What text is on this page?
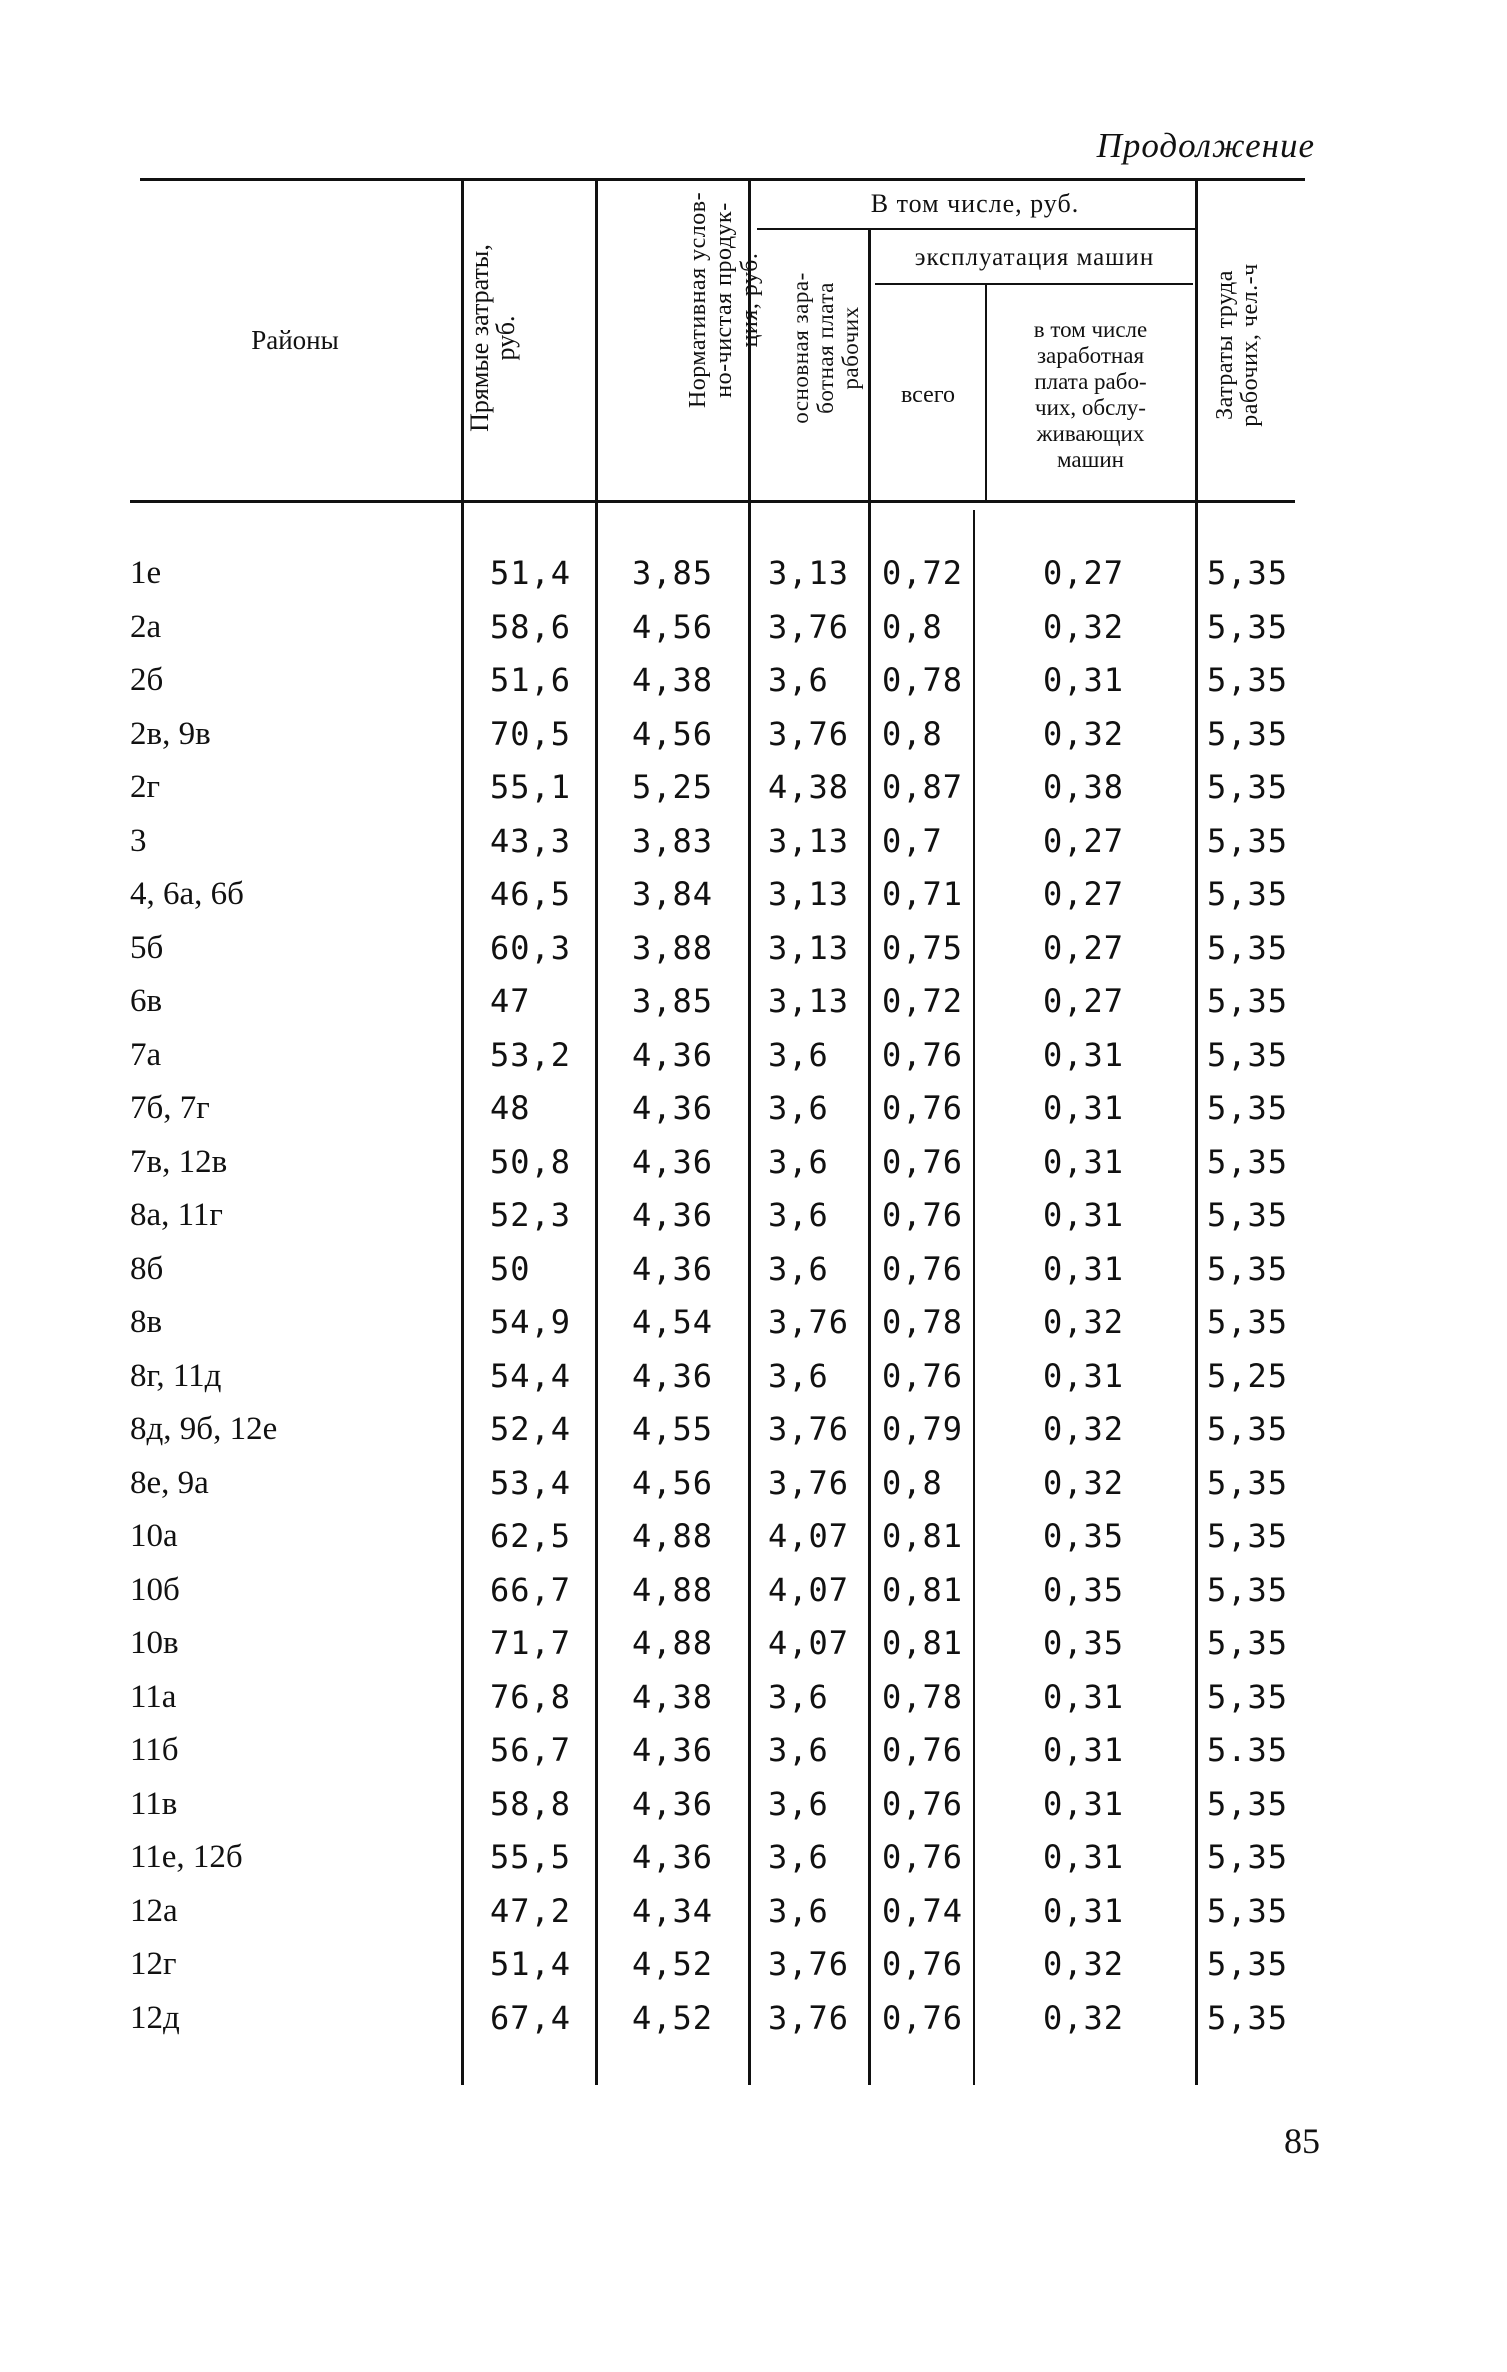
Продолжение
Районы
Прямые затраты,
руб.	Нормативная услов-
но-чистая продук-
ция, руб.
В том числе, руб.
основная зара-
ботная плата
рабочих
эксплуатация машин
всего
в том числе
заработная
плата рабо-
чих, обслу-
живающих
машин
Затраты труда
рабочих, чел.-ч
1е	51,4 3,85 3,13 0,72 0,27	5,35
2а	58,6 4,56 3,76 0,8	0,32	5,35
2б	51,6 4,38 3,6 0,78 0,31	5,35
2в, 9в	70,5 4,56 3,76 0,8	0,32	5,35
2г	55,1 5,25 4,38 0,87 0,38	5,35
3	43,3 3,83 3,13 0,7	0,27	5,35
4, 6а, 6б	46,5 3,84 3,13 0,71 0,27	5,35
5б	60,3 3,88 3,13 0,75 0,27	5,35
6в	47	3,85 3,13 0,72 0,27	5,35
7а	53,2 4,36 3,6 0,76 0,31	5,35
7б, 7г	48	4,36 3,6 0,76 0,31	5,35
7в, 12в	50,8 4,36 3,6 0,76 0,31	5,35
8а, 11г	52,3 4,36 3,6 0,76 0,31	5,35
8б	50	4,36 3,6 0,76 0,31	5,35
8в	54,9 4,54 3,76 0,78 0,32	5,35
8г, 11д	54,4 4,36 3,6 0,76 0,31	5,25
8д, 9б, 12е	52,4 4,55 3,76 0,79 0,32	5,35
8е, 9а	53,4 4,56 3,76 0,8	0,32	5,35
10а	62,5 4,88 4,07 0,81 0,35	5,35
10б	66,7 4,88 4,07 0,81 0,35	5,35
10в	71,7 4,88 4,07 0,81 0,35	5,35
11а	76,8 4,38 3,6 0,78 0,31	5,35
11б	56,7 4,36 3,6 0,76 0,31	5.35
11в	58,8 4,36 3,6 0,76 0,31	5,35
11е, 12б	55,5 4,36 3,6 0,76 0,31	5,35
12а	47,2 4,34 3,6 0,74 0,31	5,35
12г	51,4 4,52 3,76 0,76 0,32	5,35
12д	67,4 4,52 3,76 0,76 0,32	5,35
85
